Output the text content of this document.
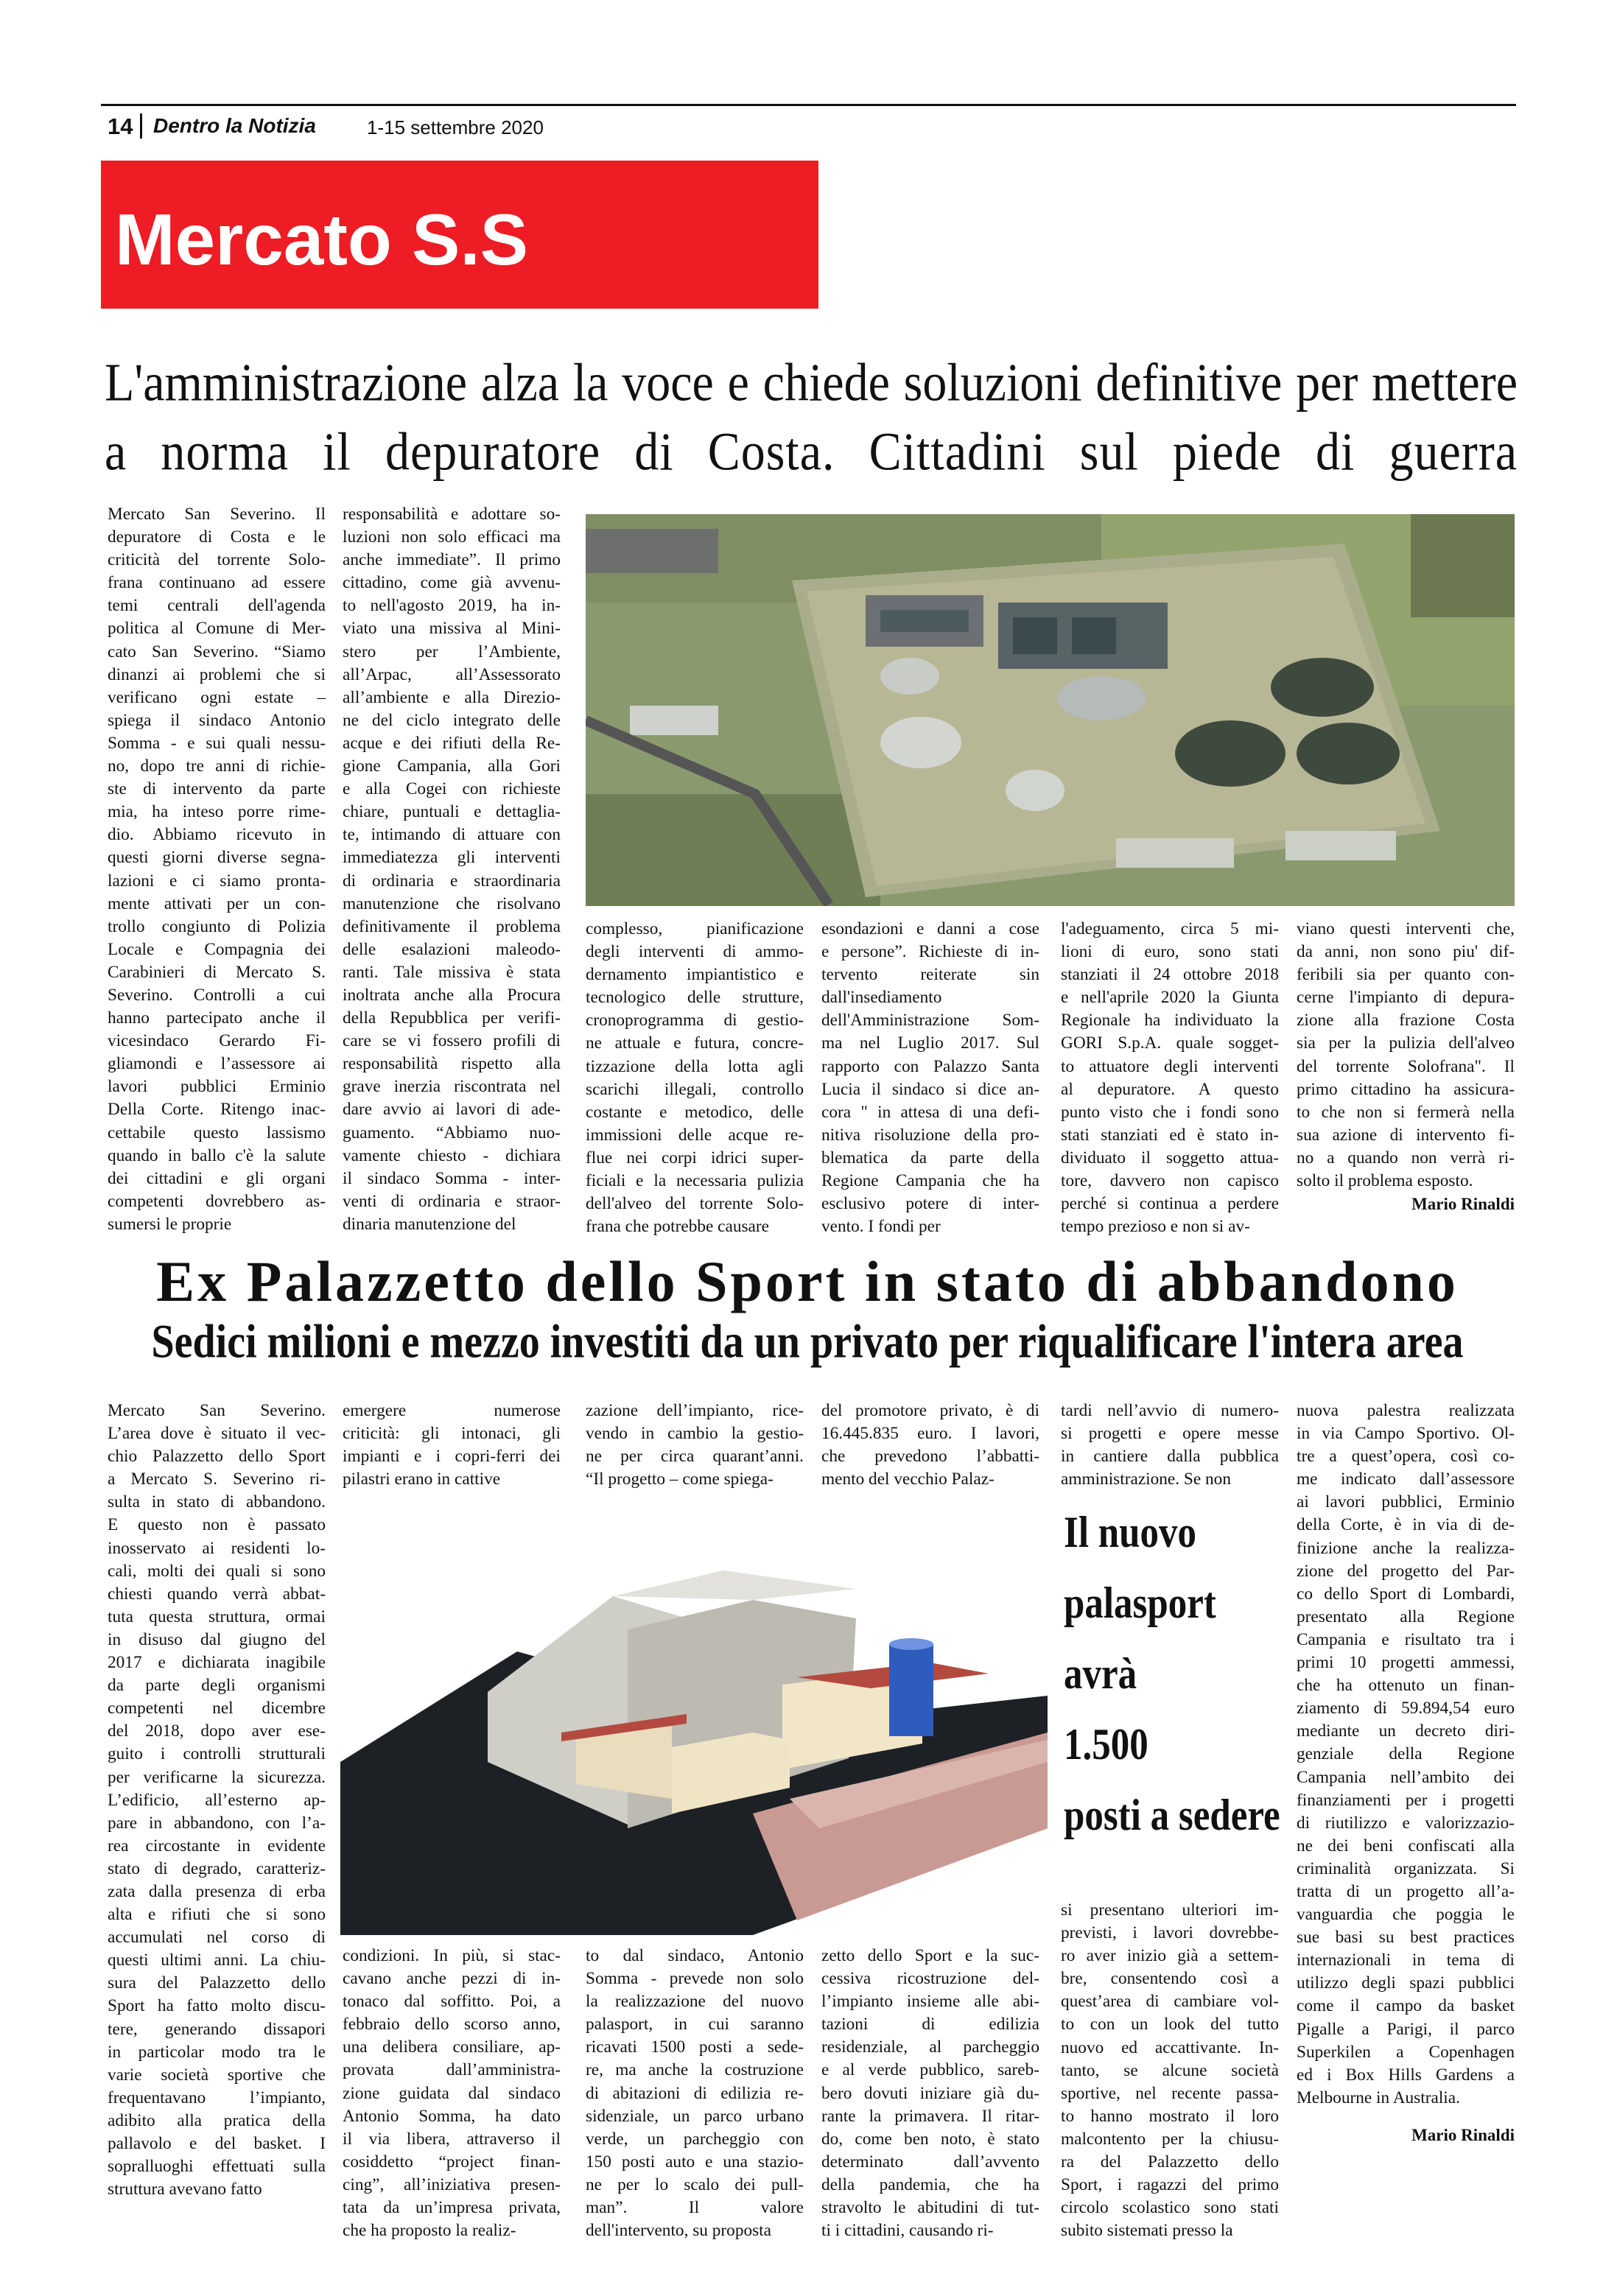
14 Dentro la Notizia	1-15 settembre 2020
Mercato S.S
L'amministrazione alza la voce e chiede soluzioni definitive per mettere
a norma il depuratore di Costa. Cittadini sul piede di guerra

Mercato San Severino. Il

depuratore di Costa e le

criticità del torrente Solo-

frana continuano ad essere

temi centrali dell'agenda

politica al Comune di Mer-

cato San Severino. “Siamo

dinanzi ai problemi che si

verificano ogni estate –

spiega il sindaco Antonio

Somma - e sui quali nessu-

no, dopo tre anni di richie-

ste di intervento da parte

mia, ha inteso porre rime-

dio. Abbiamo ricevuto in

questi giorni diverse segna-

lazioni e ci siamo pronta-

mente attivati per un con-

trollo congiunto di Polizia

Locale e Compagnia dei

Carabinieri di Mercato S.

Severino. Controlli a cui

hanno partecipato anche il

vicesindaco Gerardo Fi-

gliamondi e l’assessore ai

lavori pubblici Erminio

Della Corte. Ritengo inac-

cettabile questo lassismo

quando in ballo c'è la salute

dei cittadini e gli organi

competenti dovrebbero as-

sumersi le proprie

responsabilità e adottare so-

luzioni non solo efficaci ma

anche immediate”. Il primo

cittadino, come già avvenu-

to nell'agosto 2019, ha in-

viato una missiva al Mini-

stero per l’Ambiente,

all’Arpac, all’Assessorato

all’ambiente e alla Direzio-

ne del ciclo integrato delle

acque e dei rifiuti della Re-

gione Campania, alla Gori

e alla Cogei con richieste

chiare, puntuali e dettaglia-

te, intimando di attuare con

immediatezza gli interventi

di ordinaria e straordinaria

manutenzione che risolvano

definitivamente il problema

delle esalazioni maleodo-

ranti. Tale missiva è stata

inoltrata anche alla Procura

della Repubblica per verifi-

care se vi fossero profili di

responsabilità rispetto alla

grave inerzia riscontrata nel

dare avvio ai lavori di ade-

guamento. “Abbiamo nuo-

vamente chiesto - dichiara

il sindaco Somma - inter-

venti di ordinaria e straor-

dinaria manutenzione del

complesso, pianificazione

degli interventi di ammo-

dernamento impiantistico e

tecnologico delle strutture,

cronoprogramma di gestio-

ne attuale e futura, concre-

tizzazione della lotta agli

scarichi illegali, controllo

costante e metodico, delle

immissioni delle acque re-

flue nei corpi idrici super-

ficiali e la necessaria pulizia

dell'alveo del torrente Solo-

frana che potrebbe causare

esondazioni e danni a cose

e persone”. Richieste di in-

tervento reiterate sin

dall'insediamento

dell'Amministrazione Som-

ma nel Luglio 2017. Sul

rapporto con Palazzo Santa

Lucia il sindaco si dice an-

cora " in attesa di una defi-

nitiva risoluzione della pro-

blematica da parte della

Regione Campania che ha

esclusivo potere di inter-

vento. I fondi per

l'adeguamento, circa 5 mi-

lioni di euro, sono stati

stanziati il 24 ottobre 2018

e nell'aprile 2020 la Giunta

Regionale ha individuato la

GORI S.p.A. quale sogget-

to attuatore degli interventi

al depuratore. A questo

punto visto che i fondi sono

stati stanziati ed è stato in-

dividuato il soggetto attua-

tore, davvero non capisco

perché si continua a perdere

tempo prezioso e non si av-

viano questi interventi che,

da anni, non sono piu' dif-

feribili sia per quanto con-

cerne l'impianto di depura-

zione alla frazione Costa

sia per la pulizia dell'alveo

del torrente Solofrana". Il

primo cittadino ha assicura-

to che non si fermerà nella

sua azione di intervento fi-

no a quando non verrà ri-

solto il problema esposto.

Mario Rinaldi
Ex Palazzetto dello Sport in stato di abbandono
Sedici milioni e mezzo investiti da un privato per riqualificare l'intera area

Mercato San Severino.

L’area dove è situato il vec-

chio Palazzetto dello Sport

a Mercato S. Severino ri-

sulta in stato di abbandono.

E questo non è passato

inosservato ai residenti lo-

cali, molti dei quali si sono

chiesti quando verrà abbat-

tuta questa struttura, ormai

in disuso dal giugno del

2017 e dichiarata inagibile

da parte degli organismi

competenti nel dicembre

del 2018, dopo aver ese-

guito i controlli strutturali

per verificarne la sicurezza.

L’edificio, all’esterno ap-

pare in abbandono, con l’a-

rea circostante in evidente

stato di degrado, caratteriz-

zata dalla presenza di erba

alta e rifiuti che si sono

accumulati nel corso di

questi ultimi anni. La chiu-

sura del Palazzetto dello

Sport ha fatto molto discu-

tere, generando dissapori

in particolar modo tra le

varie società sportive che

frequentavano l’impianto,

adibito alla pratica della

pallavolo e del basket. I

sopralluoghi effettuati sulla

struttura avevano fatto

emergere numerose

criticità: gli intonaci, gli

impianti e i copri-ferri dei

pilastri erano in cattive

zazione dell’impianto, rice-

vendo in cambio la gestio-

ne per circa quarant’anni.

“Il progetto – come spiega-

del promotore privato, è di

16.445.835 euro. I lavori,

che prevedono l’abbatti-

mento del vecchio Palaz-

tardi nell’avvio di numero-

si progetti e opere messe

in cantiere dalla pubblica

amministrazione. Se non

Il nuovo
palasport
avrà 1.500
posti a sedere

condizioni. In più, si stac-

cavano anche pezzi di in-

tonaco dal soffitto. Poi, a

febbraio dello scorso anno,

una delibera consiliare, ap-

provata dall’amministra-

zione guidata dal sindaco

Antonio Somma, ha dato

il via libera, attraverso il

cosiddetto “project finan-

cing”, all’iniziativa presen-

tata da un’impresa privata,

che ha proposto la realiz-

to dal sindaco, Antonio

Somma - prevede non solo

la realizzazione del nuovo

palasport, in cui saranno

ricavati 1500 posti a sede-

re, ma anche la costruzione

di abitazioni di edilizia re-

sidenziale, un parco urbano

verde, un parcheggio con

150 posti auto e una stazio-

ne per lo scalo dei pull-

man”. Il valore

dell'intervento, su proposta

zetto dello Sport e la suc-

cessiva ricostruzione del-

l’impianto insieme alle abi-

tazioni di edilizia

residenziale, al parcheggio

e al verde pubblico, sareb-

bero dovuti iniziare già du-

rante la primavera. Il ritar-

do, come ben noto, è stato

determinato dall’avvento

della pandemia, che ha

stravolto le abitudini di tut-

ti i cittadini, causando ri-

si presentano ulteriori im-

previsti, i lavori dovrebbe-

ro aver inizio già a settem-

bre, consentendo così a

quest’area di cambiare vol-

to con un look del tutto

nuovo ed accattivante. In-

tanto, se alcune società

sportive, nel recente passa-

to hanno mostrato il loro

malcontento per la chiusu-

ra del Palazzetto dello

Sport, i ragazzi del primo

circolo scolastico sono stati

subito sistemati presso la

nuova palestra realizzata

in via Campo Sportivo. Ol-

tre a quest’opera, così co-

me indicato dall’assessore

ai lavori pubblici, Erminio

della Corte, è in via di de-

finizione anche la realizza-

zione del progetto del Par-

co dello Sport di Lombardi,

presentato alla Regione

Campania e risultato tra i

primi 10 progetti ammessi,

che ha ottenuto un finan-

ziamento di 59.894,54 euro

mediante un decreto diri-

genziale della Regione

Campania nell’ambito dei

finanziamenti per i progetti

di riutilizzo e valorizzazio-

ne dei beni confiscati alla

criminalità organizzata. Si

tratta di un progetto all’a-

vanguardia che poggia le

sue basi su best practices

internazionali in tema di

utilizzo degli spazi pubblici

come il campo da basket

Pigalle a Parigi, il parco

Superkilen a Copenhagen

ed i Box Hills Gardens a

Melbourne in Australia.

Mario Rinaldi
